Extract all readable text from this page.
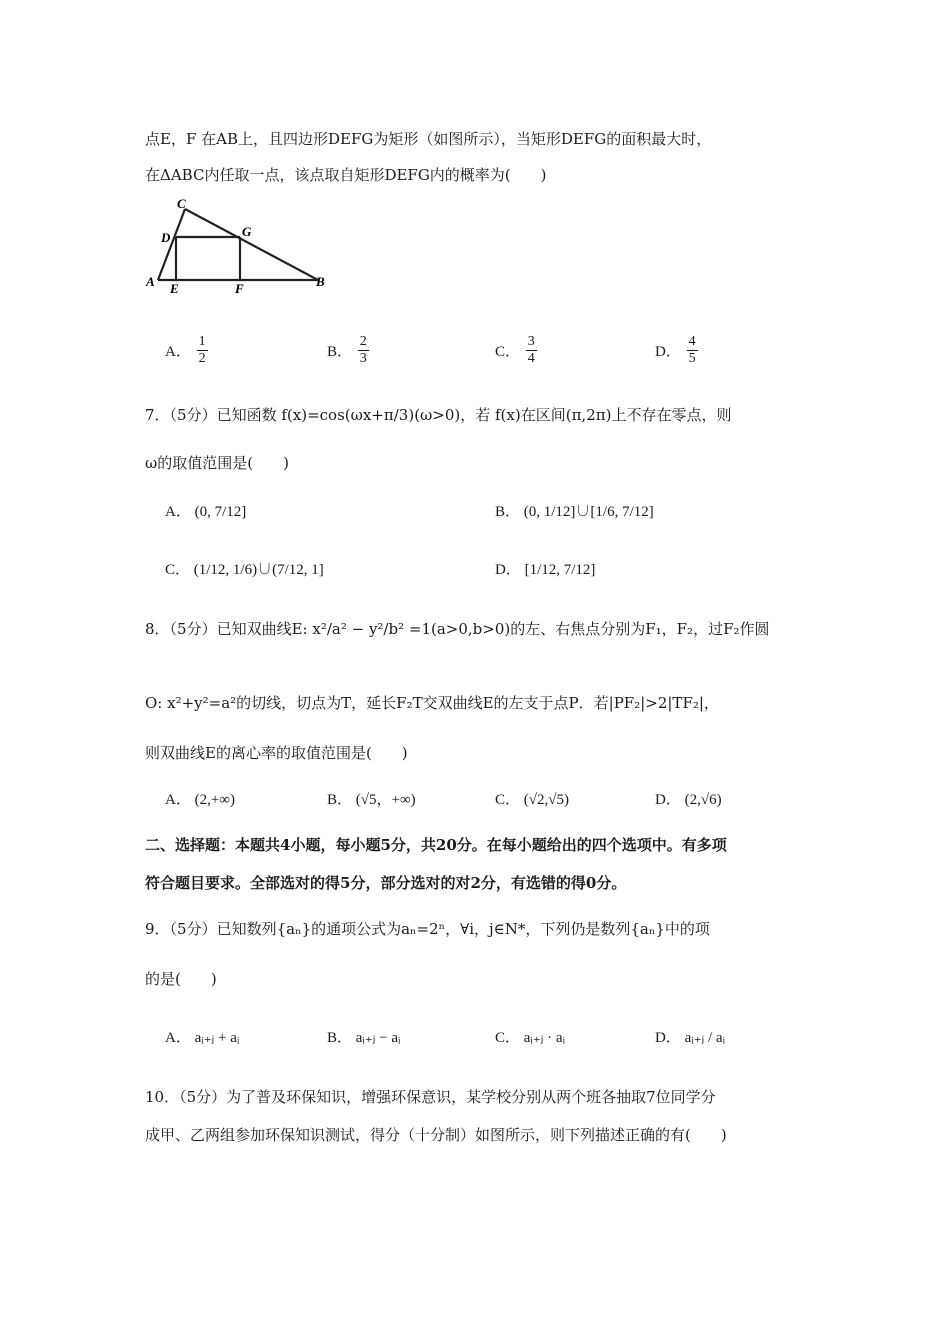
点E，F 在AB上，且四边形DEFG为矩形（如图所示），当矩形DEFG的面积最大时，
在ΔABC内任取一点，该点取自矩形DEFG内的概率为(　　)
C
D	G
A E	F	B
A． $\frac{1}{2}$	B． $\frac{2}{3}$	C． $\frac{3}{4}$	D． $\frac{4}{5}$
7．（5分）已知函数 f(x)=cos(ωx+π/3)(ω>0)，若 f(x)在区间(π,2π)上不存在零点，则
ω的取值范围是(　　)
A． (0, 7/12]	B． (0, 1/12]∪[1/6, 7/12]
C． (1/12, 1/6)∪(7/12, 1]	D． [1/12, 7/12]
8．（5分）已知双曲线E: x²/a² − y²/b² =1(a>0,b>0)的左、右焦点分别为F₁，F₂，过F₂作圆
O: x²+y²=a²的切线，切点为T，延长F₂T交双曲线E的左支于点P．若|PF₂|>2|TF₂|，
则双曲线E的离心率的取值范围是(　　)
A． (2,+∞)	B． (√5，+∞)	C． (√2,√5)	D． (2,√6)
二、选择题：本题共4小题，每小题5分，共20分。在每小题给出的四个选项中。有多项
符合题目要求。全部选对的得5分，部分选对的对2分，有选错的得0分。
9．（5分）已知数列{aₙ}的通项公式为aₙ=2ⁿ，∀i，j∈N*，下列仍是数列{aₙ}中的项
的是(　　)
A． aᵢ₊ⱼ + aᵢ	B． aᵢ₊ⱼ − aᵢ	C． aᵢ₊ⱼ · aᵢ	D． aᵢ₊ⱼ / aᵢ
10．（5分）为了普及环保知识，增强环保意识，某学校分别从两个班各抽取7位同学分
成甲、乙两组参加环保知识测试，得分（十分制）如图所示，则下列描述正确的有(　　)
